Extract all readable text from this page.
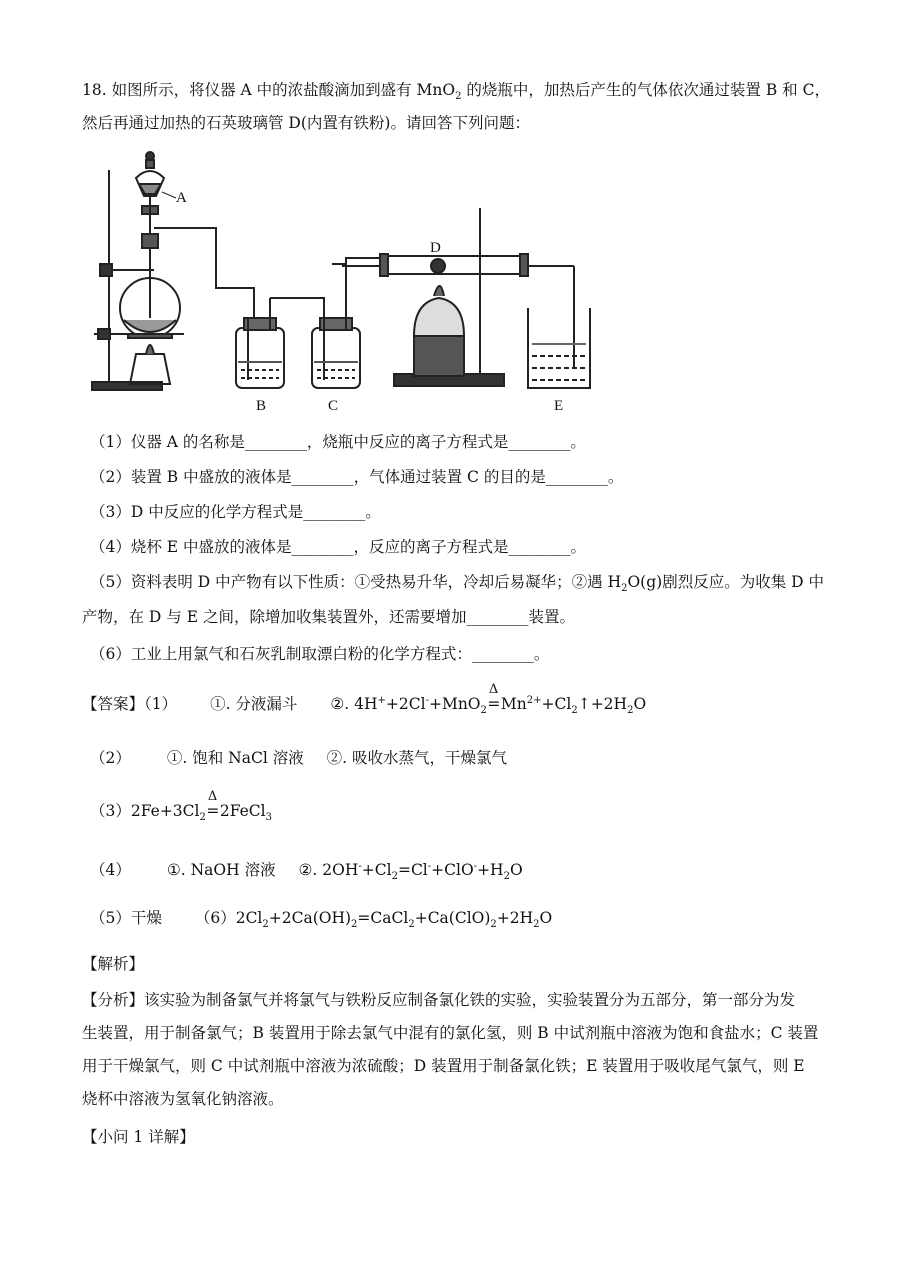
18. 如图所示，将仪器 A 中的浓盐酸滴加到盛有 MnO$_2$ 的烧瓶中，加热后产生的气体依次通过装置 B 和 C，
然后再通过加热的石英玻璃管 D(内置有铁粉)。请回答下列问题：
A
B	C
D
E
（1）仪器 A 的名称是________，烧瓶中反应的离子方程式是________。
（2）装置 B 中盛放的液体是________，气体通过装置 C 的目的是________。
（3）D 中反应的化学方程式是________。
（4）烧杯 E 中盛放的液体是________，反应的离子方程式是________。
（5）资料表明 D 中产物有以下性质：①受热易升华，冷却后易凝华；②遇 $H_2O(g)$剧烈反应。为收集 D 中
产物，在 D 与 E 之间，除增加收集装置外，还需要增加________装置。
（6）工业上用氯气和石灰乳制取漂白粉的化学方程式：________。
【答案】（1） ①. 分液漏斗 ②. 4H++2Cl-+MnO$_2$
Δ
$=Mn^{2+}+Cl_2↑+2H_2O$
（2） ①. 饱和 NaCl 溶液 ②. 吸收水蒸气，干燥氯气
$(3)2Fe+3Cl_2$
Δ
=2FeCl$_3$
（4） ①. NaOH 溶液 ②. $2OH^-+Cl_2=Cl^-+ClO^-+H_2O$
（5）干燥 $(6)2Cl_2+2Ca(OH)_2=CaCl_2+Ca(ClO)_2+2H_2O$
【解析】
【分析】该实验为制备氯气并将氯气与铁粉反应制备氯化铁的实验，实验装置分为五部分，第一部分为发
生装置，用于制备氯气；B 装置用于除去氯气中混有的氯化氢，则 B 中试剂瓶中溶液为饱和食盐水；C 装置
用于干燥氯气，则 C 中试剂瓶中溶液为浓硫酸；D 装置用于制备氯化铁；E 装置用于吸收尾气氯气，则 E
烧杯中溶液为氢氧化钠溶液。
【小问 1 详解】
